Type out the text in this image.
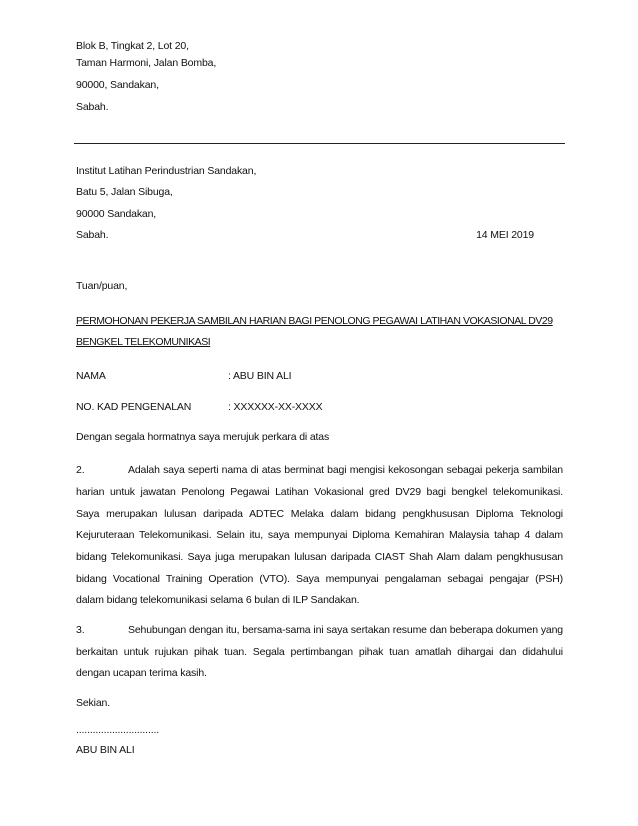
Blok B, Tingkat 2, Lot 20,
Taman Harmoni, Jalan Bomba,
90000, Sandakan,
Sabah.
Institut Latihan Perindustrian Sandakan,
Batu 5, Jalan Sibuga,
90000 Sandakan,
Sabah.	14 MEI 2019
Tuan/puan,
PERMOHONAN PEKERJA SAMBILAN HARIAN BAGI PENOLONG PEGAWAI LATIHAN VOKASIONAL DV29
BENGKEL TELEKOMUNIKASI
NAMA	: ABU BIN ALI
NO. KAD PENGENALAN	: XXXXXX-XX-XXXX
Dengan segala hormatnya saya merujuk perkara di atas
2.	Adalah saya seperti nama di atas berminat bagi mengisi kekosongan sebagai pekerja sambilan
harian untuk jawatan Penolong Pegawai Latihan Vokasional gred DV29 bagi bengkel telekomunikasi.
Saya merupakan lulusan daripada ADTEC Melaka dalam bidang pengkhususan Diploma Teknologi
Kejuruteraan Telekomunikasi. Selain itu, saya mempunyai Diploma Kemahiran Malaysia tahap 4 dalam
bidang Telekomunikasi. Saya juga merupakan lulusan daripada CIAST Shah Alam dalam pengkhususan
bidang Vocational Training Operation (VTO). Saya mempunyai pengalaman sebagai pengajar (PSH)
dalam bidang telekomunikasi selama 6 bulan di ILP Sandakan.
3.	Sehubungan dengan itu, bersama-sama ini saya sertakan resume dan beberapa dokumen yang
berkaitan untuk rujukan pihak tuan. Segala pertimbangan pihak tuan amatlah dihargai dan didahului
dengan ucapan terima kasih.
Sekian.
..............................
ABU BIN ALI
